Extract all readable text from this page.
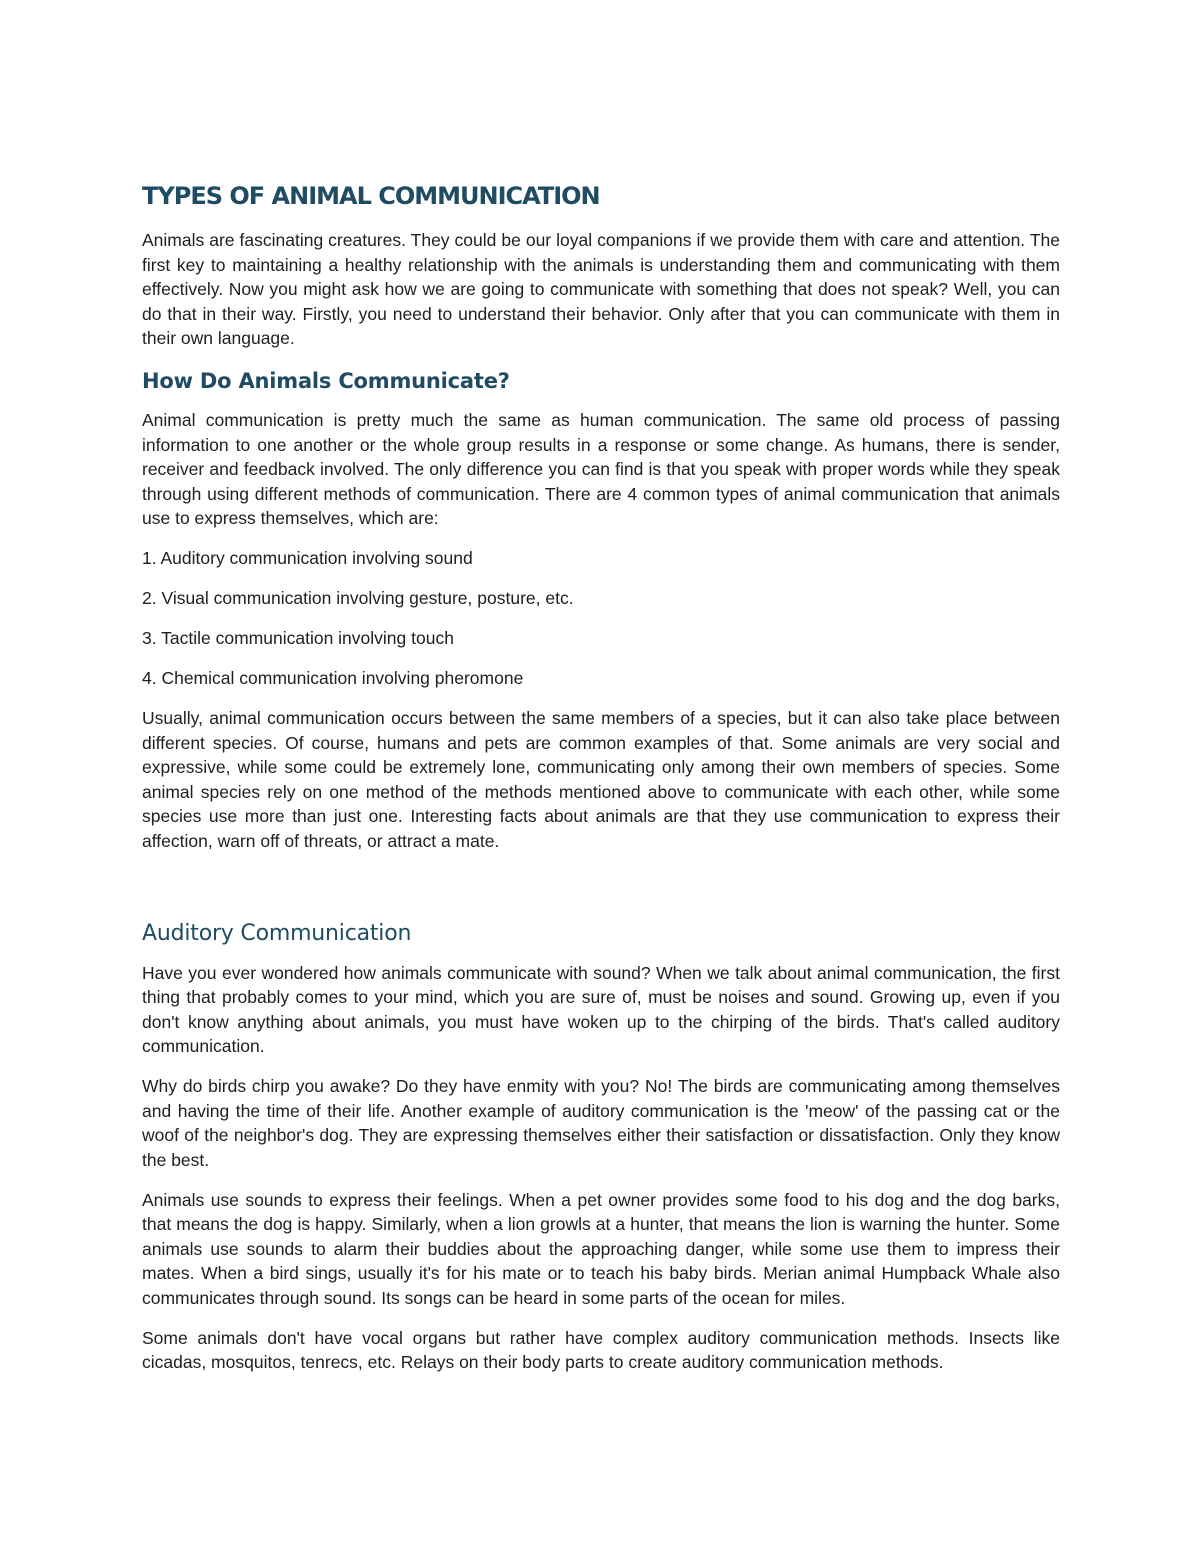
TYPES OF ANIMAL COMMUNICATION

Animals are fascinating creatures. They could be our loyal companions if we provide them with care and attention. The first key to maintaining a healthy relationship with the animals is understanding them and communicating with them effectively. Now you might ask how we are going to communicate with something that does not speak? Well, you can do that in their way. Firstly, you need to understand their behavior. Only after that you can communicate with them in their own language.

How Do Animals Communicate?

Animal communication is pretty much the same as human communication. The same old process of passing information to one another or the whole group results in a response or some change. As humans, there is sender, receiver and feedback involved. The only difference you can find is that you speak with proper words while they speak through using different methods of communication. There are 4 common types of animal communication that animals use to express themselves, which are:

1. Auditory communication involving sound
2. Visual communication involving gesture, posture, etc.
3. Tactile communication involving touch
4. Chemical communication involving pheromone

Usually, animal communication occurs between the same members of a species, but it can also take place between different species. Of course, humans and pets are common examples of that. Some animals are very social and expressive, while some could be extremely lone, communicating only among their own members of species. Some animal species rely on one method of the methods mentioned above to communicate with each other, while some species use more than just one. Interesting facts about animals are that they use communication to express their affection, warn off of threats, or attract a mate.

Auditory Communication

Have you ever wondered how animals communicate with sound? When we talk about animal communication, the first thing that probably comes to your mind, which you are sure of, must be noises and sound. Growing up, even if you don't know anything about animals, you must have woken up to the chirping of the birds. That's called auditory communication.

Why do birds chirp you awake? Do they have enmity with you? No! The birds are communicating among themselves and having the time of their life. Another example of auditory communication is the 'meow' of the passing cat or the woof of the neighbor's dog. They are expressing themselves either their satisfaction or dissatisfaction. Only they know the best.

Animals use sounds to express their feelings. When a pet owner provides some food to his dog and the dog barks, that means the dog is happy. Similarly, when a lion growls at a hunter, that means the lion is warning the hunter. Some animals use sounds to alarm their buddies about the approaching danger, while some use them to impress their mates. When a bird sings, usually it's for his mate or to teach his baby birds. Merian animal Humpback Whale also communicates through sound. Its songs can be heard in some parts of the ocean for miles.

Some animals don't have vocal organs but rather have complex auditory communication methods. Insects like cicadas, mosquitos, tenrecs, etc. Relays on their body parts to create auditory communication methods.
